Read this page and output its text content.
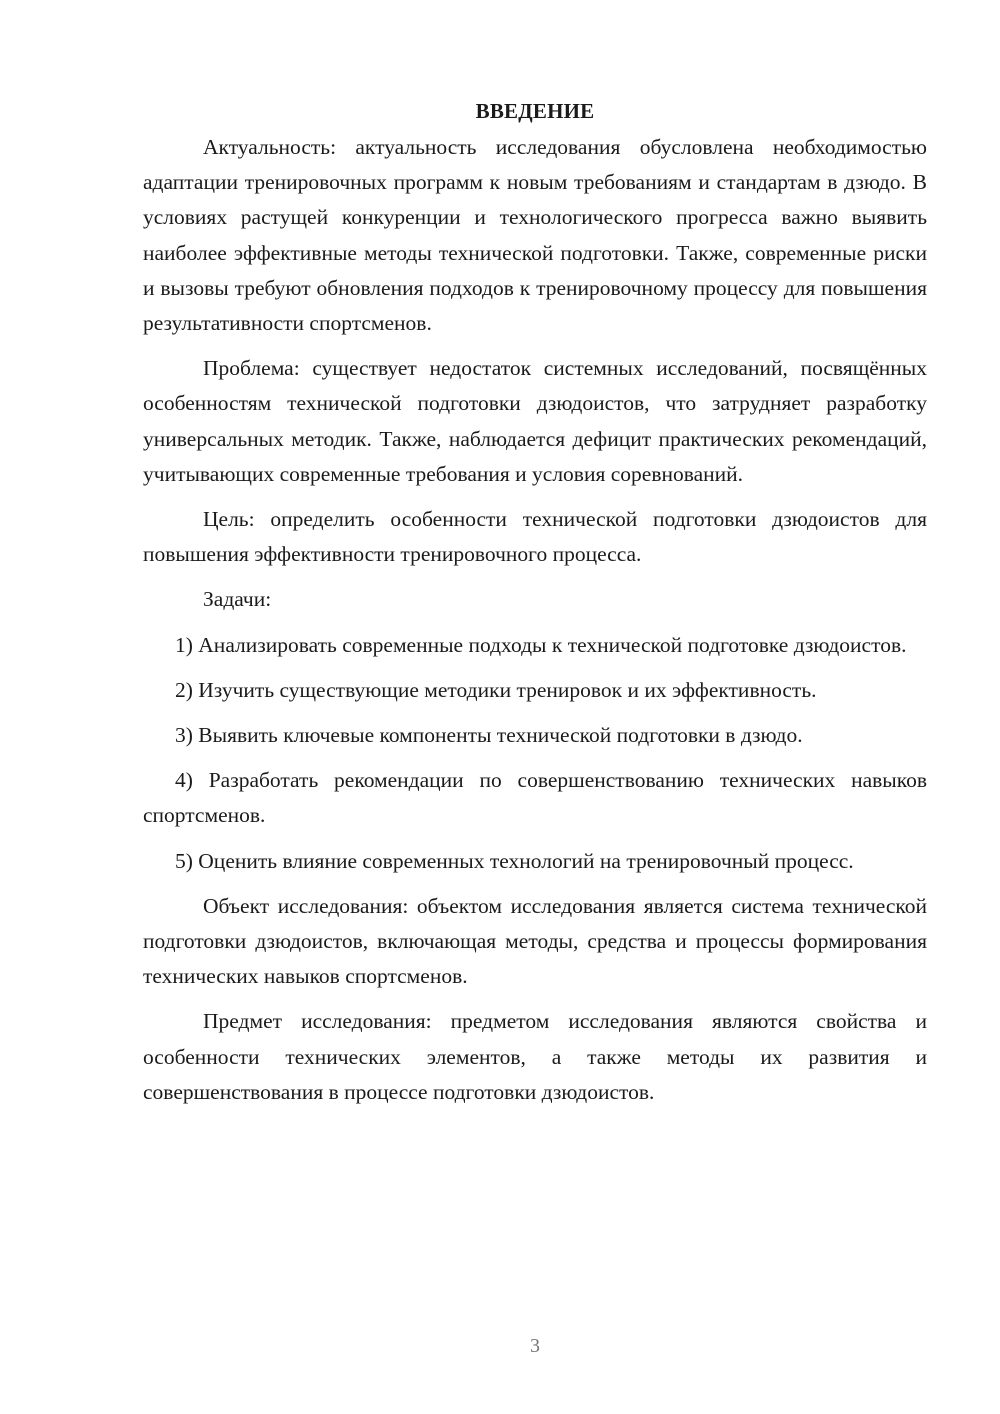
ВВЕДЕНИЕ

Актуальность: актуальность исследования обусловлена необходимостью адаптации тренировочных программ к новым требованиям и стандартам в дзюдо. В условиях растущей конкуренции и технологического прогресса важно выявить наиболее эффективные методы технической подготовки. Также, современные риски и вызовы требуют обновления подходов к тренировочному процессу для повышения результативности спортсменов.

Проблема: существует недостаток системных исследований, посвящённых особенностям технической подготовки дзюдоистов, что затрудняет разработку универсальных методик. Также, наблюдается дефицит практических рекомендаций, учитывающих современные требования и условия соревнований.

Цель: определить особенности технической подготовки дзюдоистов для повышения эффективности тренировочного процесса.

Задачи:

1) Анализировать современные подходы к технической подготовке дзюдоистов.

2) Изучить существующие методики тренировок и их эффективность.

3) Выявить ключевые компоненты технической подготовки в дзюдо.

4) Разработать рекомендации по совершенствованию технических навыков спортсменов.

5) Оценить влияние современных технологий на тренировочный процесс.

Объект исследования: объектом исследования является система технической подготовки дзюдоистов, включающая методы, средства и процессы формирования технических навыков спортсменов.

Предмет исследования: предметом исследования являются свойства и особенности технических элементов, а также методы их развития и совершенствования в процессе подготовки дзюдоистов.

3
